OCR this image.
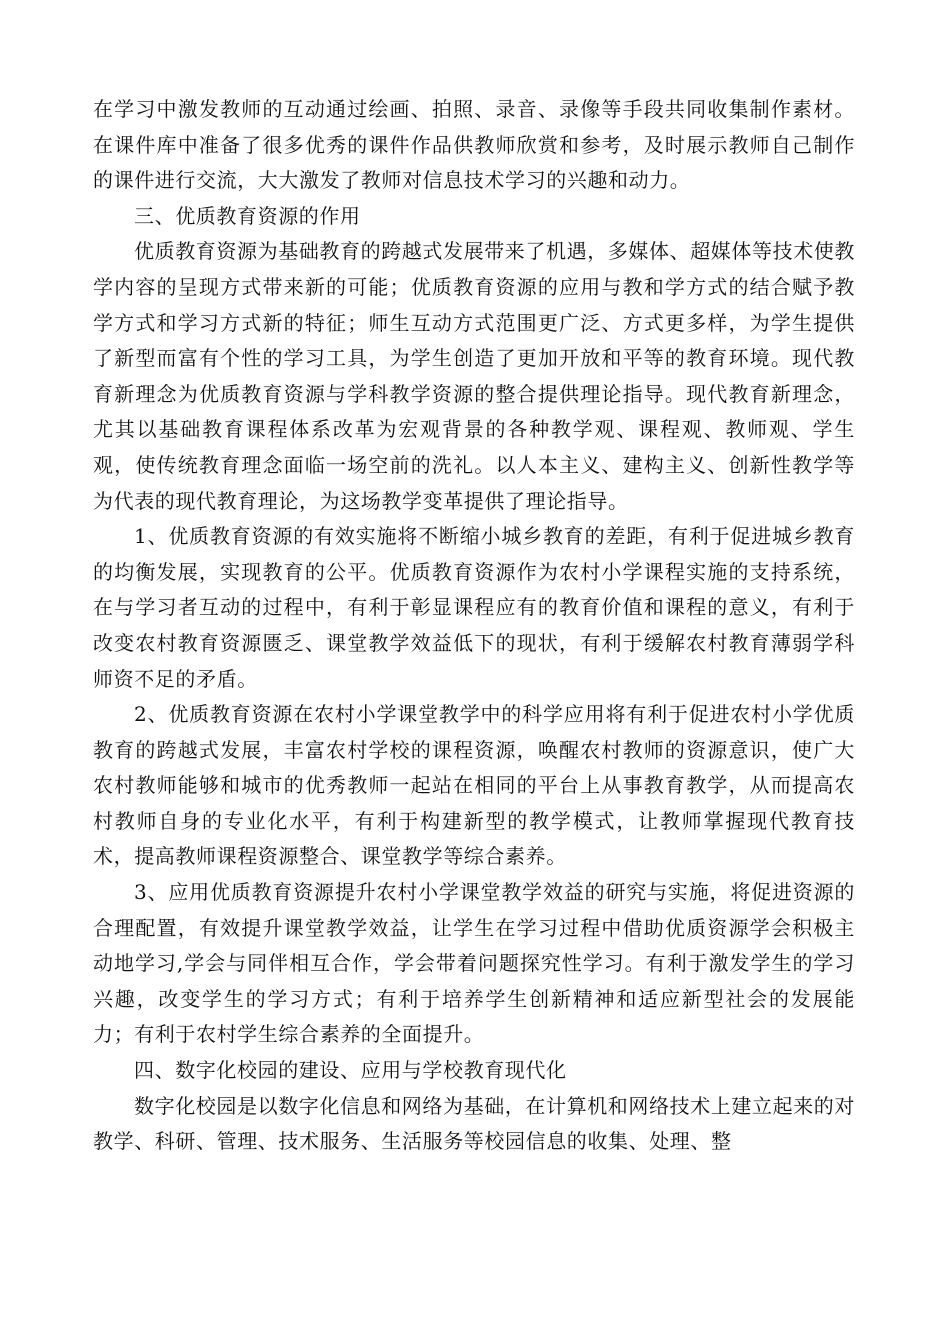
在学习中激发教师的互动通过绘画、拍照、录音、录像等手段共同收集制作素材。在课件库中准备了很多优秀的课件作品供教师欣赏和参考，及时展示教师自己制作的课件进行交流，大大激发了教师对信息技术学习的兴趣和动力。

三、优质教育资源的作用

优质教育资源为基础教育的跨越式发展带来了机遇，多媒体、超媒体等技术使教学内容的呈现方式带来新的可能；优质教育资源的应用与教和学方式的结合赋予教学方式和学习方式新的特征；师生互动方式范围更广泛、方式更多样，为学生提供了新型而富有个性的学习工具，为学生创造了更加开放和平等的教育环境。现代教育新理念为优质教育资源与学科教学资源的整合提供理论指导。现代教育新理念，尤其以基础教育课程体系改革为宏观背景的各种教学观、课程观、教师观、学生观，使传统教育理念面临一场空前的洗礼。以人本主义、建构主义、创新性教学等为代表的现代教育理论，为这场教学变革提供了理论指导。

1、优质教育资源的有效实施将不断缩小城乡教育的差距，有利于促进城乡教育的均衡发展，实现教育的公平。优质教育资源作为农村小学课程实施的支持系统，在与学习者互动的过程中，有利于彰显课程应有的教育价值和课程的意义，有利于改变农村教育资源匮乏、课堂教学效益低下的现状，有利于缓解农村教育薄弱学科师资不足的矛盾。

2、优质教育资源在农村小学课堂教学中的科学应用将有利于促进农村小学优质教育的跨越式发展，丰富农村学校的课程资源，唤醒农村教师的资源意识，使广大农村教师能够和城市的优秀教师一起站在相同的平台上从事教育教学，从而提高农村教师自身的专业化水平，有利于构建新型的教学模式，让教师掌握现代教育技术，提高教师课程资源整合、课堂教学等综合素养。

3、应用优质教育资源提升农村小学课堂教学效益的研究与实施，将促进资源的合理配置，有效提升课堂教学效益，让学生在学习过程中借助优质资源学会积极主动地学习,学会与同伴相互合作，学会带着问题探究性学习。有利于激发学生的学习兴趣，改变学生的学习方式；有利于培养学生创新精神和适应新型社会的发展能力；有利于农村学生综合素养的全面提升。

四、数字化校园的建设、应用与学校教育现代化

数字化校园是以数字化信息和网络为基础，在计算机和网络技术上建立起来的对教学、科研、管理、技术服务、生活服务等校园信息的收集、处理、整
